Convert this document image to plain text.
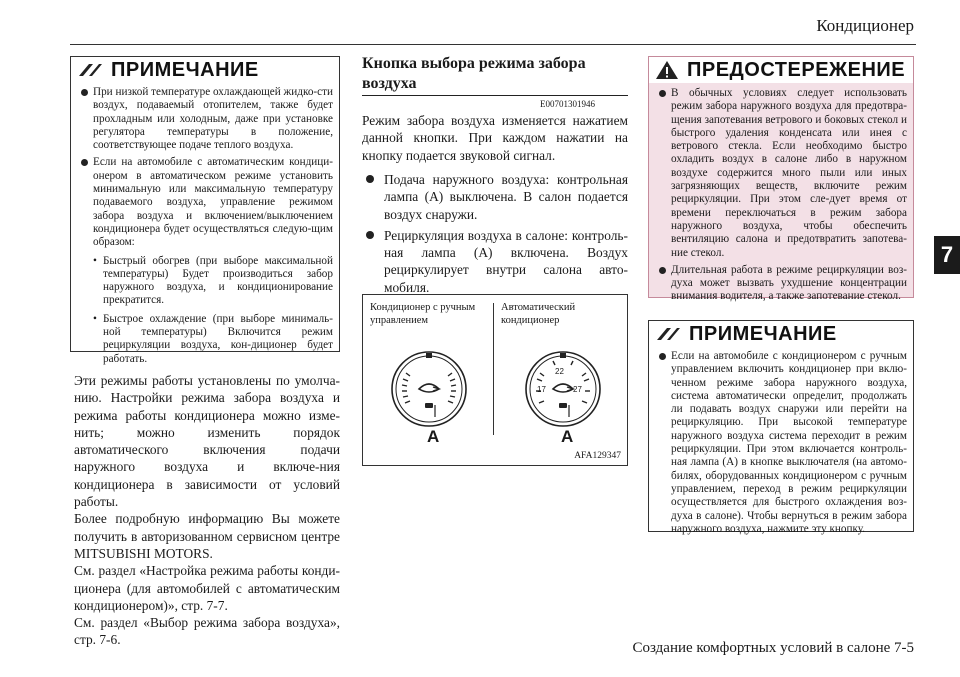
Кондиционер
7
ПРИМЕЧАНИЕ
При низкой температуре охлаждающей жидко-сти воздух, подаваемый отопителем, также будет прохладным или холодным, даже при установке регулятора температуры в положение, соответствующее подаче теплого воздуха.
Если на автомобиле с автоматическим кондици-онером в автоматическом режиме установить минимальную или максимальную температуру подаваемого воздуха, управление режимом забора воздуха и включением/выключением кондиционера будет осуществляться следую-щим образом:
• Быстрый обогрев (при выборе максимальной температуры) Будет производиться забор наружного воздуха, и кондиционирование прекратится.
• Быстрое охлаждение (при выборе минималь-ной температуры) Включится режим рециркуляции воздуха, кон-диционер будет работать.

Эти режимы работы установлены по умолча-нию. Настройки режима забора воздуха и режима работы кондиционера можно изме-нить; можно изменить порядок автоматического включения подачи наружного воздуха и включе-ния кондиционера в зависимости от условий работы.

Более подробную информацию Вы можете получить в авторизованном сервисном центре MITSUBISHI MOTORS.

См. раздел «Настройка режима работы конди-ционера (для автомобилей с автоматическим кондиционером)», стр. 7-7.

См. раздел «Выбор режима забора воздуха», стр. 7-6.

Кнопка выбора режима забора воздуха
E00701301946
Режим забора воздуха изменяется нажатием данной кнопки. При каждом нажатии на кнопку подается звуковой сигнал.
Подача наружного воздуха: контрольная лампа (A) выключена. В салон подается воздух снаружи.
Рециркуляция воздуха в салоне: контроль-ная лампа (A) включена. Воздух рециркулирует внутри салона авто-мобиля.
Кондиционер с ручным управлением
Автоматический кондиционер
A
22
17	27
A
AFA129347
ПРЕДОСТЕРЕЖЕНИЕ
В обычных условиях следует использовать режим забора наружного воздуха для предотвра-щения запотевания ветрового и боковых стекол и быстрого удаления конденсата или инея с ветрового стекла. Если необходимо быстро охладить воздух в салоне либо в наружном воздухе содержится много пыли или иных загрязняющих веществ, включите режим рециркуляции. При этом сле-дует время от времени переключаться в режим забора наружного воздуха, чтобы обеспечить вентиляцию салона и предотвратить запотева-ние стекол.
Длительная работа в режиме рециркуляции воз-духа может вызвать ухудшение концентрации внимания водителя, а также запотевание стекол.
ПРИМЕЧАНИЕ
Если на автомобиле с кондиционером с ручным управлением включить кондиционер при вклю-ченном режиме забора наружного воздуха, система автоматически определит, продолжать ли подавать воздух снаружи или перейти на рециркуляцию. При высокой температуре наружного воздуха система переходит в режим рециркуляции. При этом включается контроль-ная лампа (A) в кнопке выключателя (на автомо-билях, оборудованных кондиционером с ручным управлением, переход в режим рециркуляции осуществляется для быстрого охлаждения воз-духа в салоне). Чтобы вернуться в режим забора наружного воздуха, нажмите эту кнопку.
Создание комфортных условий в салоне 7-5
